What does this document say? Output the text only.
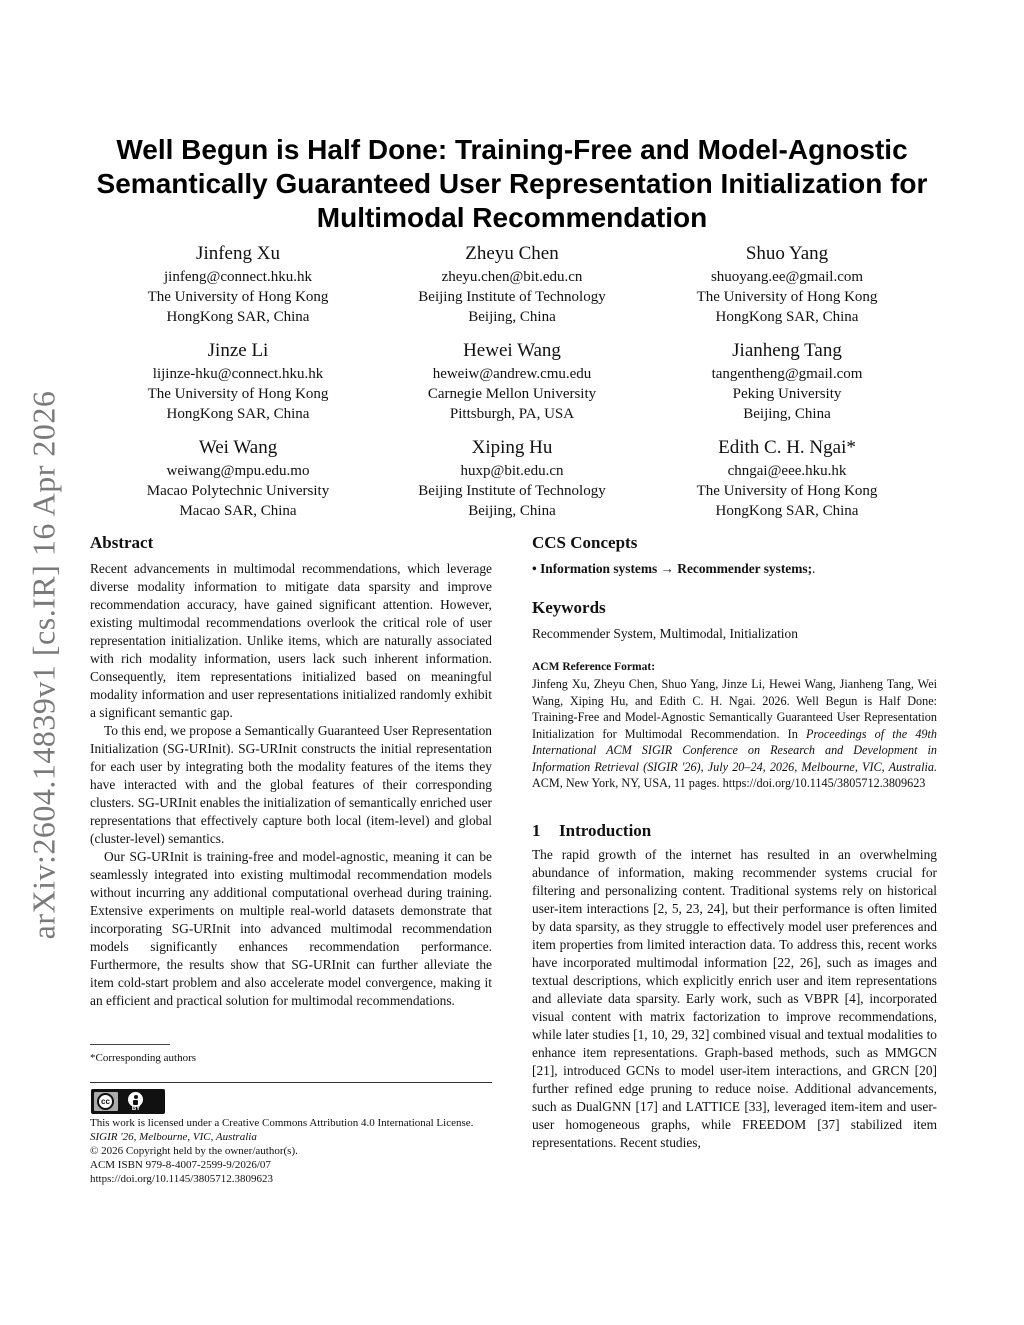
arXiv:2604.14839v1 [cs.IR] 16 Apr 2026
Well Begun is Half Done: Training-Free and Model-Agnostic
Semantically Guaranteed User Representation Initialization for
Multimodal Recommendation
Jinfeng Xu
jinfeng@connect.hku.hk
The University of Hong Kong
HongKong SAR, China
Zheyu Chen
zheyu.chen@bit.edu.cn
Beijing Institute of Technology
Beijing, China
Shuo Yang
shuoyang.ee@gmail.com
The University of Hong Kong
HongKong SAR, China
Jinze Li
lijinze-hku@connect.hku.hk
The University of Hong Kong
HongKong SAR, China
Hewei Wang
heweiw@andrew.cmu.edu
Carnegie Mellon University
Pittsburgh, PA, USA
Jianheng Tang
tangentheng@gmail.com
Peking University
Beijing, China
Wei Wang
weiwang@mpu.edu.mo
Macao Polytechnic University
Macao SAR, China
Xiping Hu
huxp@bit.edu.cn
Beijing Institute of Technology
Beijing, China
Edith C. H. Ngai*
chngai@eee.hku.hk
The University of Hong Kong
HongKong SAR, China
Abstract

Recent advancements in multimodal recommendations, which leverage diverse modality information to mitigate data sparsity and improve recommendation accuracy, have gained significant attention. However, existing multimodal recommendations overlook the critical role of user representation initialization. Unlike items, which are naturally associated with rich modality information, users lack such inherent information. Consequently, item representations initialized based on meaningful modality information and user representations initialized randomly exhibit a significant semantic gap.

To this end, we propose a Semantically Guaranteed User Representation Initialization (SG-URInit). SG-URInit constructs the initial representation for each user by integrating both the modality features of the items they have interacted with and the global features of their corresponding clusters. SG-URInit enables the initialization of semantically enriched user representations that effectively capture both local (item-level) and global (cluster-level) semantics.

Our SG-URInit is training-free and model-agnostic, meaning it can be seamlessly integrated into existing multimodal recommendation models without incurring any additional computational overhead during training. Extensive experiments on multiple real-world datasets demonstrate that incorporating SG-URInit into advanced multimodal recommendation models significantly enhances recommendation performance. Furthermore, the results show that SG-URInit can further alleviate the item cold-start problem and also accelerate model convergence, making it an efficient and practical solution for multimodal recommendations.

*Corresponding authors
cc
BY
This work is licensed under a Creative Commons Attribution 4.0 International License.
SIGIR '26, Melbourne, VIC, Australia
© 2026 Copyright held by the owner/author(s).
ACM ISBN 979-8-4007-2599-9/2026/07
https://doi.org/10.1145/3805712.3809623
CCS Concepts

• Information systems → Recommender systems;.

Keywords

Recommender System, Multimodal, Initialization

ACM Reference Format:

Jinfeng Xu, Zheyu Chen, Shuo Yang, Jinze Li, Hewei Wang, Jianheng Tang, Wei Wang, Xiping Hu, and Edith C. H. Ngai. 2026. Well Begun is Half Done: Training-Free and Model-Agnostic Semantically Guaranteed User Representation Initialization for Multimodal Recommendation. In Proceedings of the 49th International ACM SIGIR Conference on Research and Development in Information Retrieval (SIGIR '26), July 20–24, 2026, Melbourne, VIC, Australia. ACM, New York, NY, USA, 11 pages. https://doi.org/10.1145/3805712.3809623

1 Introduction

The rapid growth of the internet has resulted in an overwhelming abundance of information, making recommender systems crucial for filtering and personalizing content. Traditional systems rely on historical user-item interactions [2, 5, 23, 24], but their performance is often limited by data sparsity, as they struggle to effectively model user preferences and item properties from limited interaction data. To address this, recent works have incorporated multimodal information [22, 26], such as images and textual descriptions, which explicitly enrich user and item representations and alleviate data sparsity. Early work, such as VBPR [4], incorporated visual content with matrix factorization to improve recommendations, while later studies [1, 10, 29, 32] combined visual and textual modalities to enhance item representations. Graph-based methods, such as MMGCN [21], introduced GCNs to model user-item interactions, and GRCN [20] further refined edge pruning to reduce noise. Additional advancements, such as DualGNN [17] and LATTICE [33], leveraged item-item and user-user homogeneous graphs, while FREEDOM [37] stabilized item representations. Recent studies,
